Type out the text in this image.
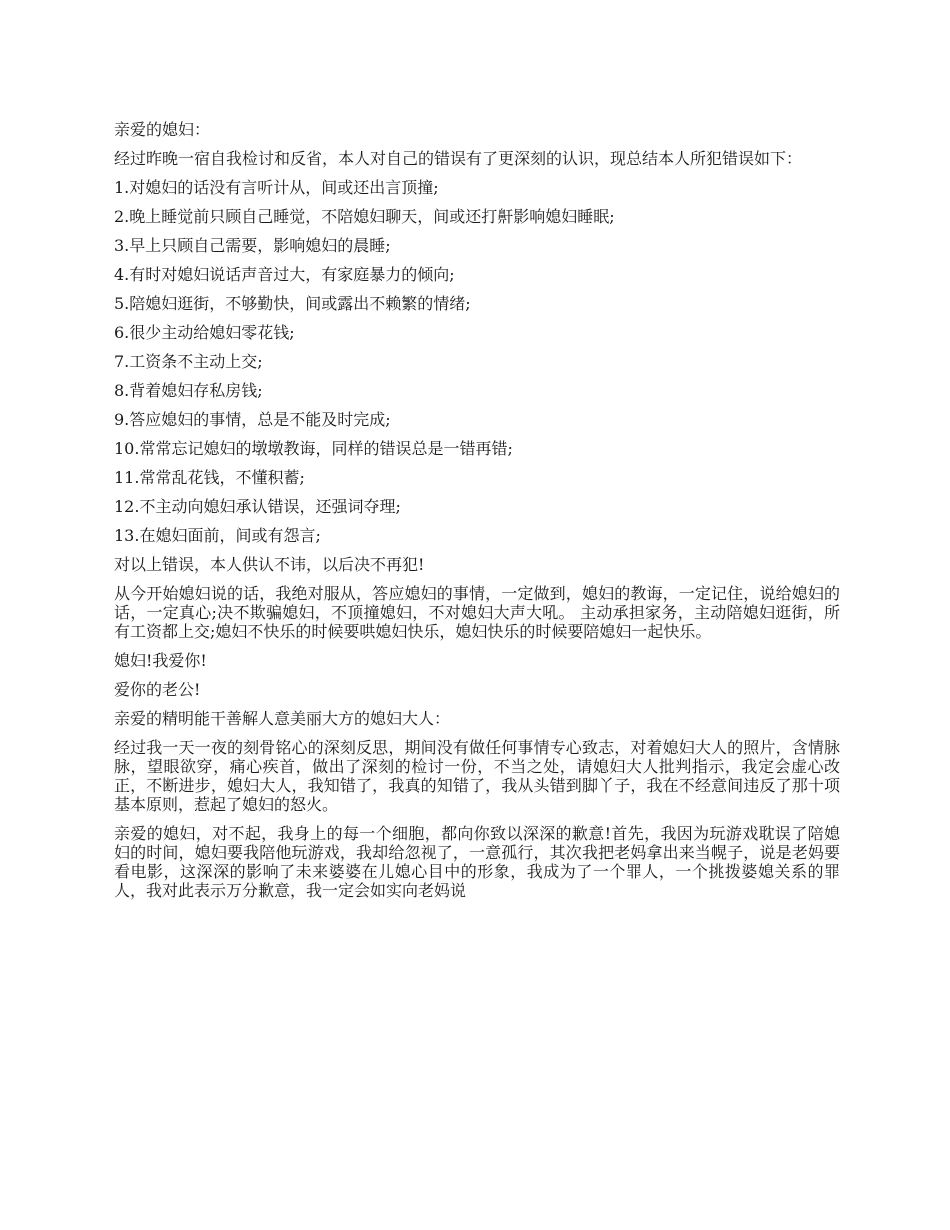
亲爱的媳妇：

经过昨晚一宿自我检讨和反省，本人对自己的错误有了更深刻的认识，现总结本人所犯错误如下：

1.对媳妇的话没有言听计从，间或还出言顶撞;

2.晚上睡觉前只顾自己睡觉，不陪媳妇聊天，间或还打鼾影响媳妇睡眠;

3.早上只顾自己需要，影响媳妇的晨睡;

4.有时对媳妇说话声音过大，有家庭暴力的倾向;

5.陪媳妇逛街，不够勤快，间或露出不赖繁的情绪;

6.很少主动给媳妇零花钱;

7.工资条不主动上交;

8.背着媳妇存私房钱;

9.答应媳妇的事情，总是不能及时完成;

10.常常忘记媳妇的墩墩教诲，同样的错误总是一错再错;

11.常常乱花钱，不懂积蓄;

12.不主动向媳妇承认错误，还强词夺理;

13.在媳妇面前，间或有怨言;

对以上错误，本人供认不讳，以后决不再犯!

从今开始媳妇说的话，我绝对服从，答应媳妇的事情，一定做到，媳妇的教诲，一定记住，说给媳妇的话，一定真心;决不欺骗媳妇，不顶撞媳妇，不对媳妇大声大吼。 主动承担家务，主动陪媳妇逛街，所有工资都上交;媳妇不快乐的时候要哄媳妇快乐，媳妇快乐的时候要陪媳妇一起快乐。

媳妇!我爱你!

爱你的老公!

亲爱的精明能干善解人意美丽大方的媳妇大人：

经过我一天一夜的刻骨铭心的深刻反思，期间没有做任何事情专心致志，对着媳妇大人的照片，含情脉脉，望眼欲穿，痛心疾首，做出了深刻的检讨一份，不当之处，请媳妇大人批判指示，我定会虚心改正，不断进步，媳妇大人，我知错了，我真的知错了，我从头错到脚丫子，我在不经意间违反了那十项基本原则，惹起了媳妇的怒火。

亲爱的媳妇，对不起，我身上的每一个细胞，都向你致以深深的歉意!首先，我因为玩游戏耽误了陪媳妇的时间，媳妇要我陪他玩游戏，我却给忽视了，一意孤行，其次我把老妈拿出来当幌子，说是老妈要看电影，这深深的影响了未来婆婆在儿媳心目中的形象，我成为了一个罪人，一个挑拨婆媳关系的罪人，我对此表示万分歉意，我一定会如实向老妈说
